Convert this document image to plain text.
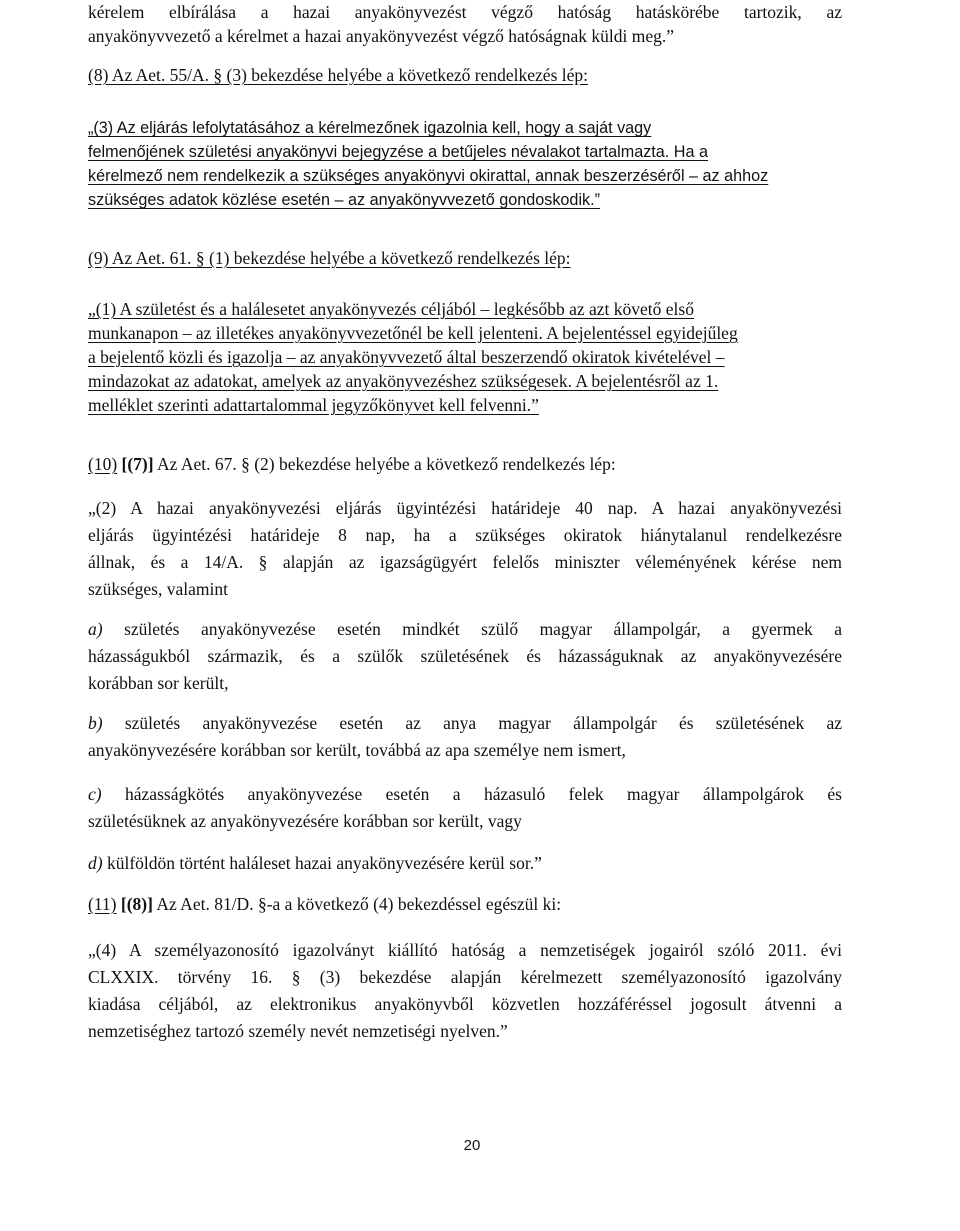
kérelem elbírálása a hazai anyakönyvezést végző hatóság hatáskörébe tartozik, az
anyakönyvvezető a kérelmet a hazai anyakönyvezést végző hatóságnak küldi meg.”
(8) Az Aet. 55/A. § (3) bekezdése helyébe a következő rendelkezés lép:
„(3) Az eljárás lefolytatásához a kérelmezőnek igazolnia kell, hogy a saját vagy
felmenőjének születési anyakönyvi bejegyzése a betűjeles névalakot tartalmazta. Ha a
kérelmező nem rendelkezik a szükséges anyakönyvi okirattal, annak beszerzéséről – az ahhoz
szükséges adatok közlése esetén – az anyakönyvvezető gondoskodik.”
(9) Az Aet. 61. § (1) bekezdése helyébe a következő rendelkezés lép:
„(1) A születést és a halálesetet anyakönyvezés céljából – legkésőbb az azt követő első
munkanapon – az illetékes anyakönyvvezetőnél be kell jelenteni. A bejelentéssel egyidejűleg
a bejelentő közli és igazolja – az anyakönyvvezető által beszerzendő okiratok kivételével –
mindazokat az adatokat, amelyek az anyakönyvezéshez szükségesek. A bejelentésről az 1.
melléklet szerinti adattartalommal jegyzőkönyvet kell felvenni.”
(10) [(7)] Az Aet. 67. § (2) bekezdése helyébe a következő rendelkezés lép:
„(2) A hazai anyakönyvezési eljárás ügyintézési határideje 40 nap. A hazai anyakönyvezési
eljárás ügyintézési határideje 8 nap, ha a szükséges okiratok hiánytalanul rendelkezésre
állnak, és a 14/A. § alapján az igazságügyért felelős miniszter véleményének kérése nem
szükséges, valamint
a) születés anyakönyvezése esetén mindkét szülő magyar állampolgár, a gyermek a
házasságukból származik, és a szülők születésének és házasságuknak az anyakönyvezésére
korábban sor került,
b) születés anyakönyvezése esetén az anya magyar állampolgár és születésének az
anyakönyvezésére korábban sor került, továbbá az apa személye nem ismert,
c) házasságkötés anyakönyvezése esetén a házasuló felek magyar állampolgárok és
születésüknek az anyakönyvezésére korábban sor került, vagy
d) külföldön történt haláleset hazai anyakönyvezésére kerül sor.”
(11) [(8)] Az Aet. 81/D. §-a a következő (4) bekezdéssel egészül ki:
„(4) A személyazonosító igazolványt kiállító hatóság a nemzetiségek jogairól szóló 2011. évi
CLXXIX. törvény 16. § (3) bekezdése alapján kérelmezett személyazonosító igazolvány
kiadása céljából, az elektronikus anyakönyvből közvetlen hozzáféréssel jogosult átvenni a
nemzetiséghez tartozó személy nevét nemzetiségi nyelven.”
20
